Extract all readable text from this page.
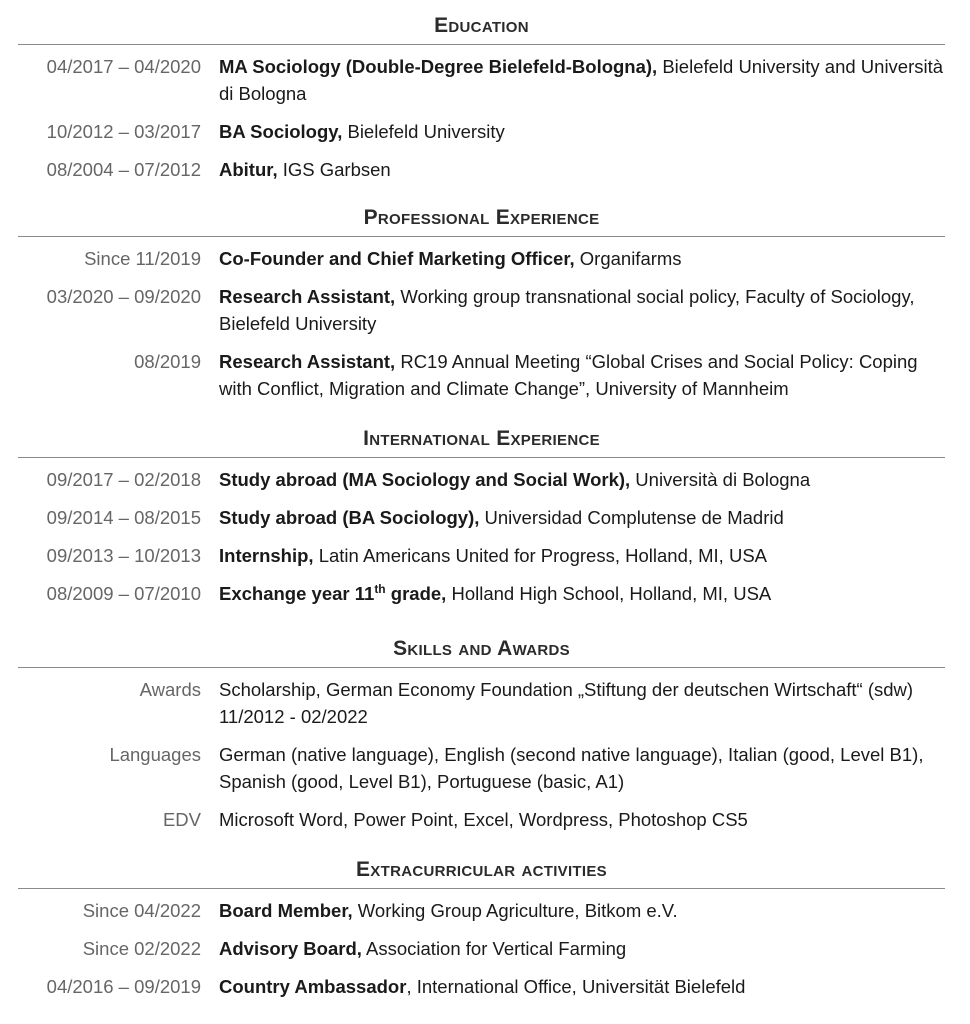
Education
04/2017 – 04/2020 MA Sociology (Double-Degree Bielefeld-Bologna), Bielefeld University and Università di Bologna
10/2012 – 03/2017 BA Sociology, Bielefeld University
08/2004 – 07/2012 Abitur, IGS Garbsen
Professional Experience
Since 11/2019 Co-Founder and Chief Marketing Officer, Organifarms
03/2020 – 09/2020 Research Assistant, Working group transnational social policy, Faculty of Sociology, Bielefeld University
08/2019 Research Assistant, RC19 Annual Meeting “Global Crises and Social Policy: Coping with Conflict, Migration and Climate Change”, University of Mannheim
International Experience
09/2017 – 02/2018 Study abroad (MA Sociology and Social Work), Università di Bologna
09/2014 – 08/2015 Study abroad (BA Sociology), Universidad Complutense de Madrid
09/2013 – 10/2013 Internship, Latin Americans United for Progress, Holland, MI, USA
08/2009 – 07/2010 Exchange year 11th grade, Holland High School, Holland, MI, USA
Skills and Awards
Awards Scholarship, German Economy Foundation „Stiftung der deutschen Wirtschaft“ (sdw) 11/2012 - 02/2022
Languages German (native language), English (second native language), Italian (good, Level B1), Spanish (good, Level B1), Portuguese (basic, A1)
EDV Microsoft Word, Power Point, Excel, Wordpress, Photoshop CS5
Extracurricular activities
Since 04/2022 Board Member, Working Group Agriculture, Bitkom e.V.
Since 02/2022 Advisory Board, Association for Vertical Farming
04/2016 – 09/2019 Country Ambassador, International Office, Universität Bielefeld
